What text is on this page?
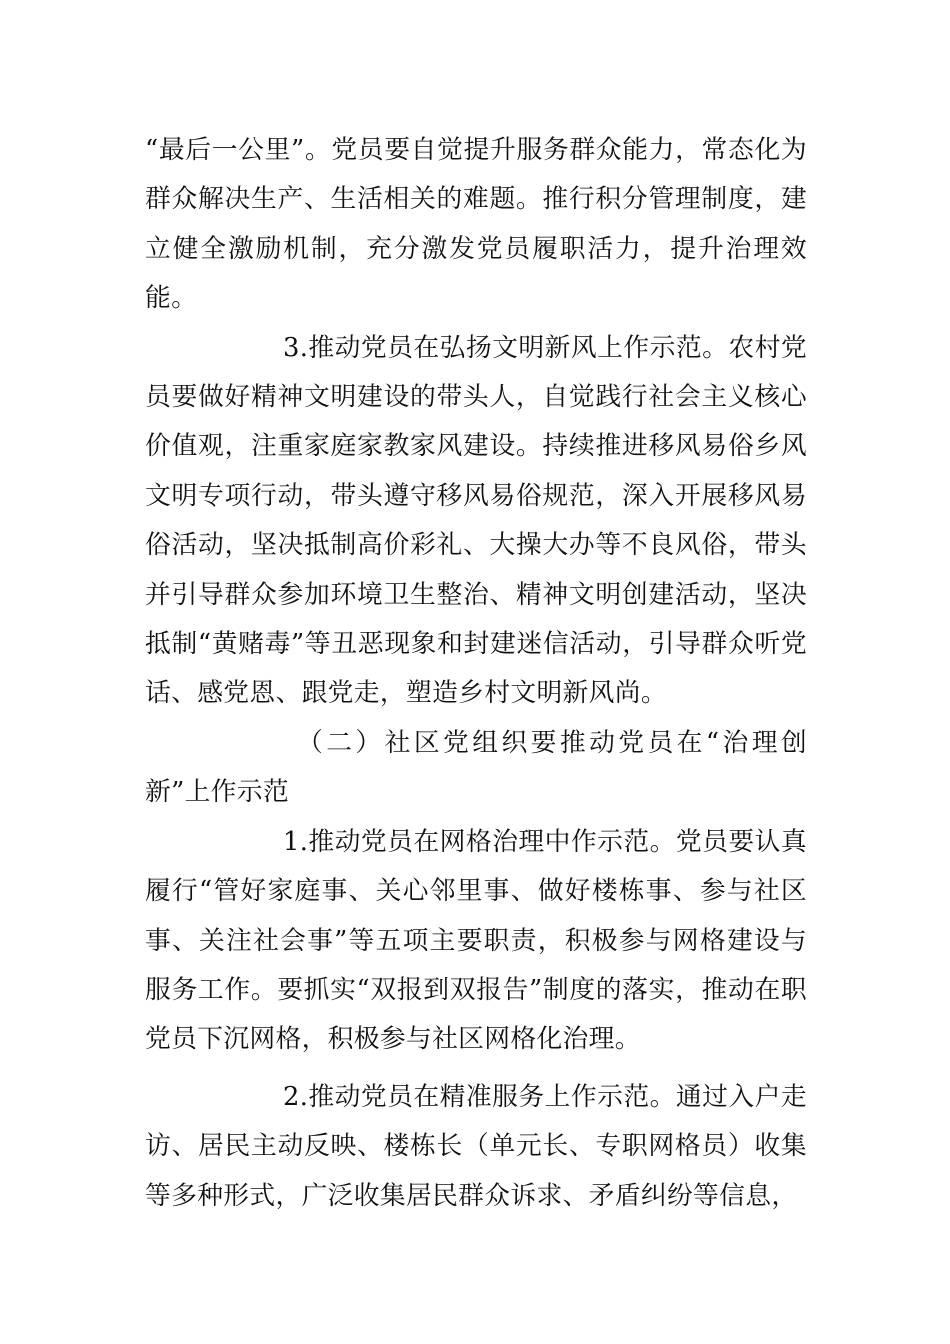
“最后一公里”。党员要自觉提升服务群众能力，常态化为群众解决生产、生活相关的难题。推行积分管理制度，建立健全激励机制，充分激发党员履职活力，提升治理效能。

3.推动党员在弘扬文明新风上作示范。农村党员要做好精神文明建设的带头人，自觉践行社会主义核心价值观，注重家庭家教家风建设。持续推进移风易俗乡风文明专项行动，带头遵守移风易俗规范，深入开展移风易俗活动，坚决抵制高价彩礼、大操大办等不良风俗，带头并引导群众参加环境卫生整治、精神文明创建活动，坚决抵制“黄赌毒”等丑恶现象和封建迷信活动，引导群众听党话、感党恩、跟党走，塑造乡村文明新风尚。

（二）社区党组织要推动党员在“治理创新”上作示范

1.推动党员在网格治理中作示范。党员要认真履行“管好家庭事、关心邻里事、做好楼栋事、参与社区事、关注社会事”等五项主要职责，积极参与网格建设与服务工作。要抓实“双报到双报告”制度的落实，推动在职党员下沉网格，积极参与社区网格化治理。

2.推动党员在精准服务上作示范。通过入户走访、居民主动反映、楼栋长（单元长、专职网格员）收集等多种形式，广泛收集居民群众诉求、矛盾纠纷等信息，
